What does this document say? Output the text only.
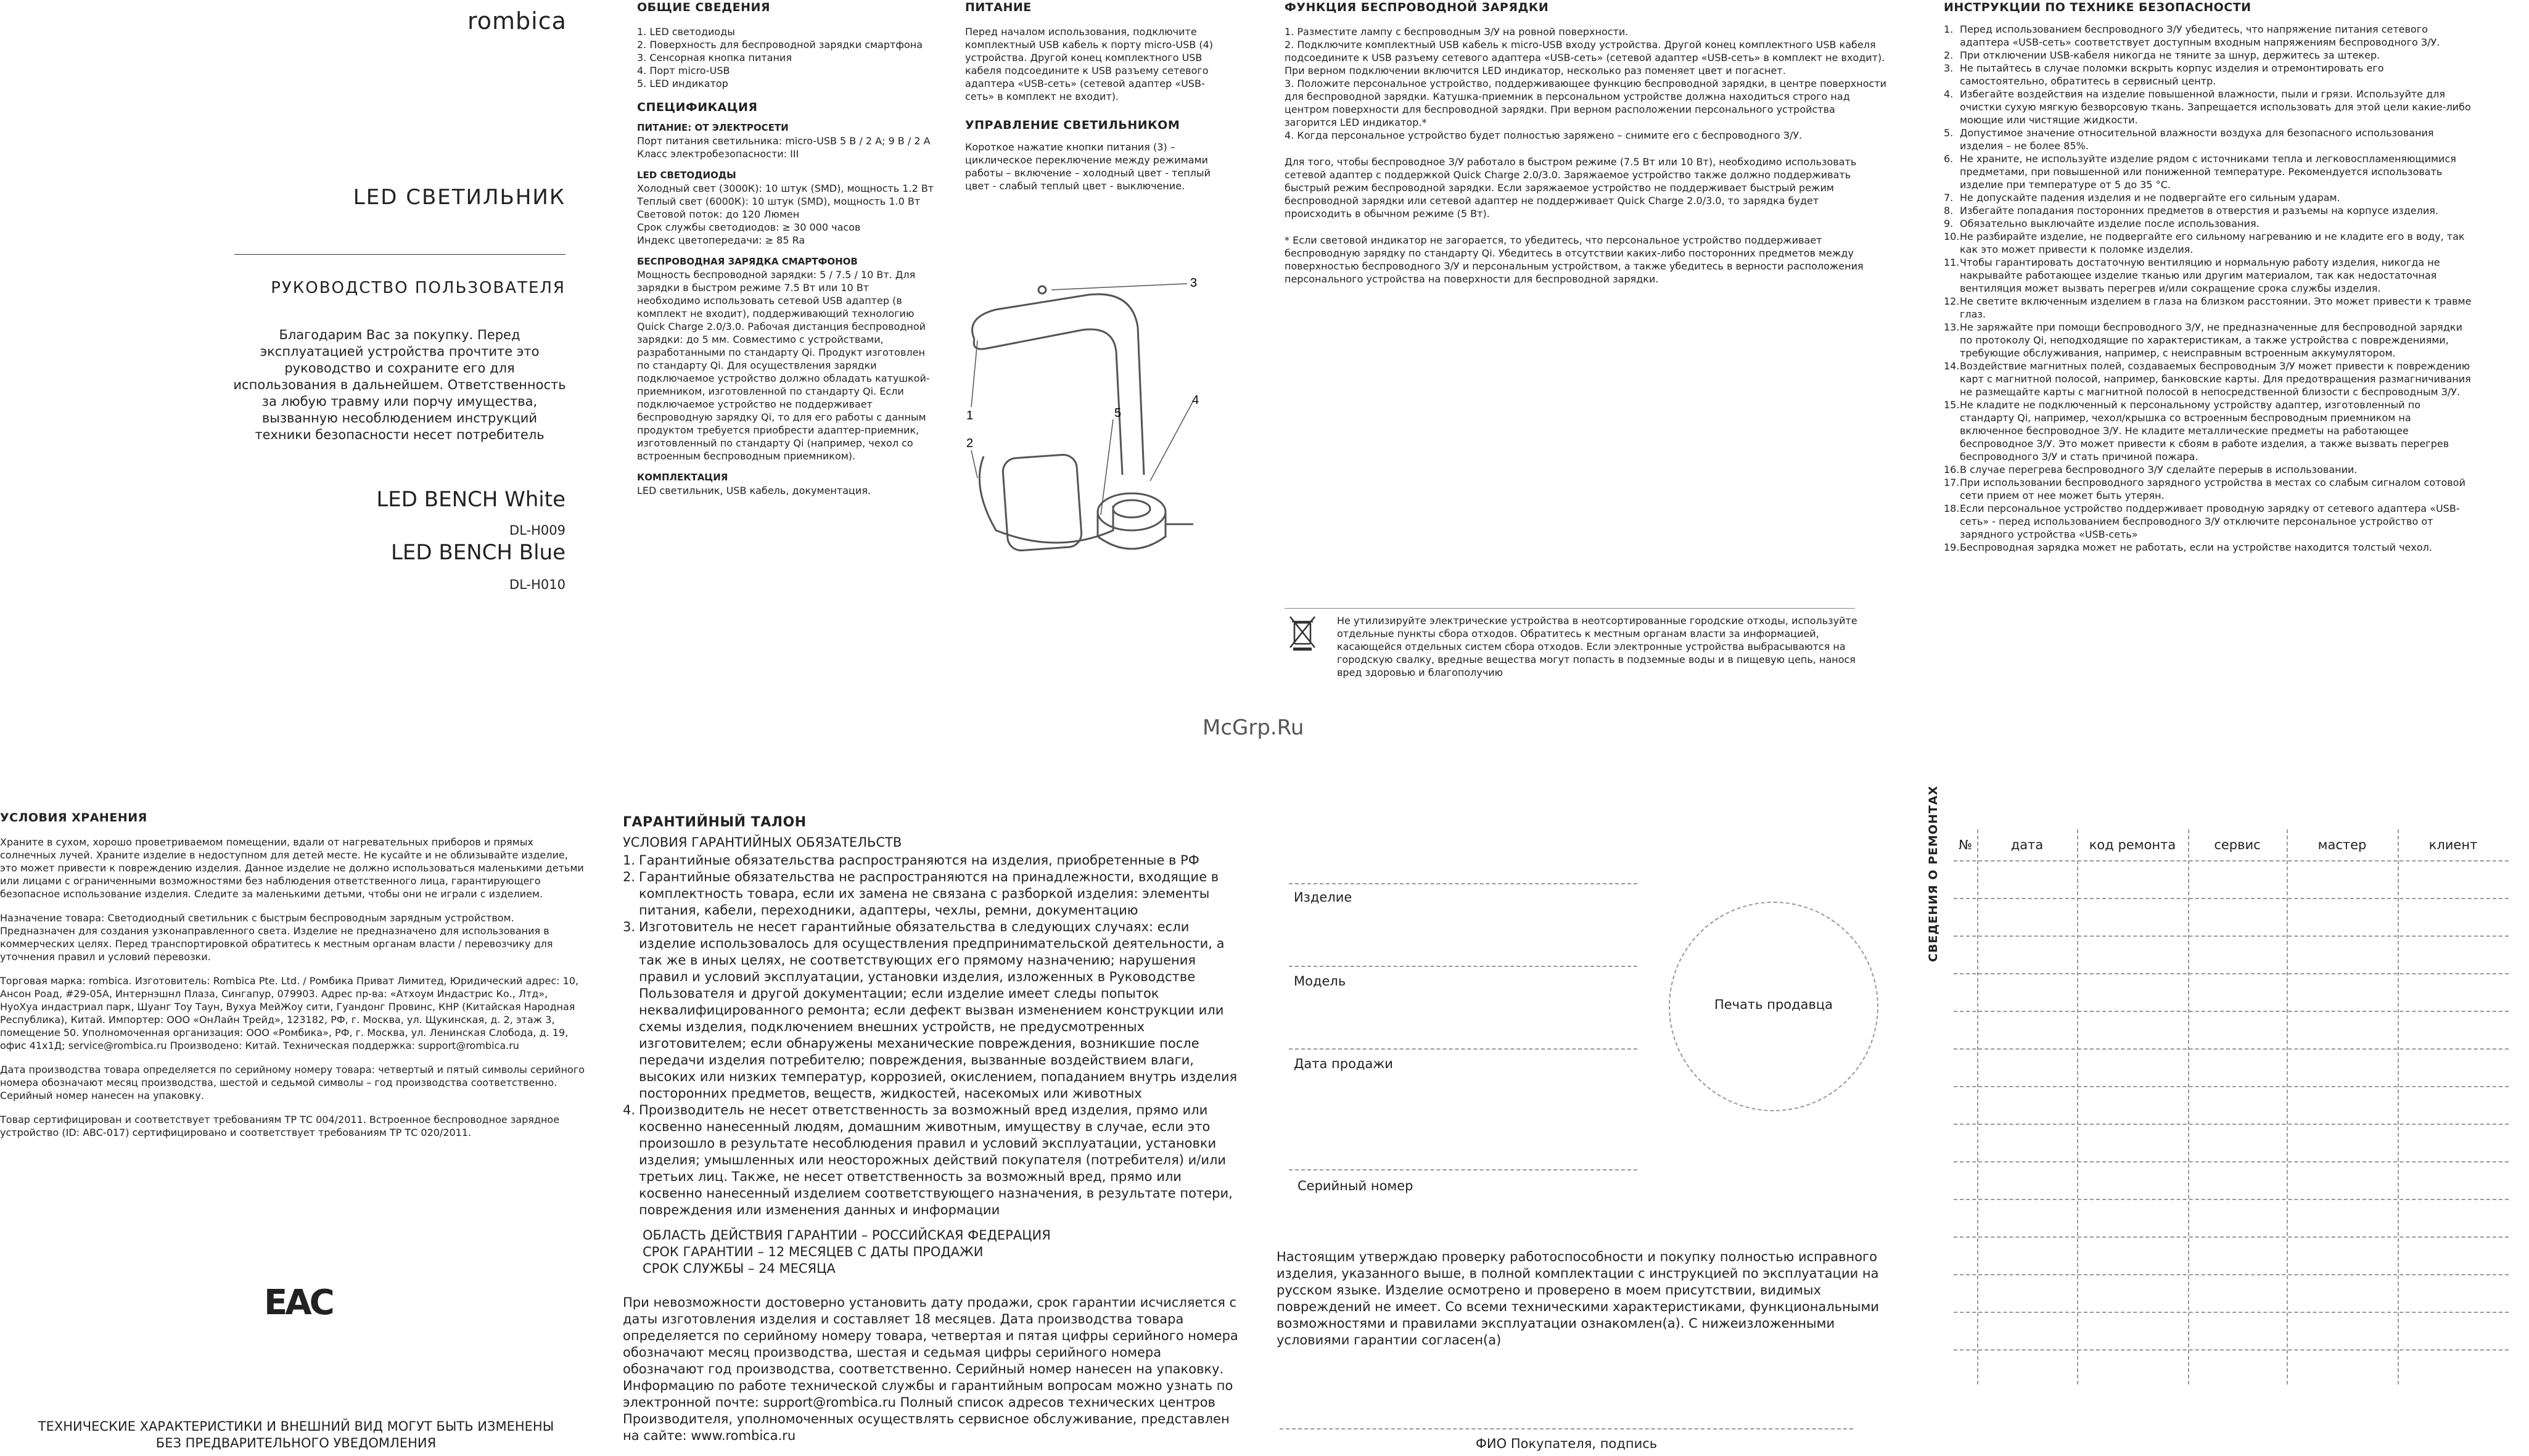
rombica
LED СВЕТИЛЬНИК
РУКОВОДСТВО ПОЛЬЗОВАТЕЛЯ
Благодарим Вас за покупку. Перед эксплуатацией устройства прочтите это руководство и сохраните его для использования в дальнейшем. Ответственность за любую травму или порчу имущества, вызванную несоблюдением инструкций техники безопасности несет потребитель
LED BENCH White
DL-H009
LED BENCH Blue
DL-H010

ОБЩИЕ СВЕДЕНИЯ

1. LED светодиоды

2. Поверхность для беспроводной зарядки смартфона

3. Сенсорная кнопка питания

4. Порт micro-USB

5. LED индикатор

СПЕЦИФИКАЦИЯ

ПИТАНИЕ: ОТ ЭЛЕКТРОСЕТИ

Порт питания светильника: micro-USB 5 В / 2 А; 9 В / 2 А

Класс электробезопасности: III

LED СВЕТОДИОДЫ

Холодный свет (3000К): 10 штук (SMD), мощность 1.2 Вт

Теплый свет (6000К): 10 штук (SMD), мощность 1.0 Вт

Световой поток: до 120 Люмен

Срок службы светодиодов: ≥ 30 000 часов

Индекс цветопередачи: ≥ 85 Ra

БЕСПРОВОДНАЯ ЗАРЯДКА СМАРТФОНОВ

Мощность беспроводной зарядки: 5 / 7.5 / 10 Вт. Для зарядки в быстром режиме 7.5 Вт или 10 Вт необходимо использовать сетевой USB адаптер (в комплект не входит), поддерживающий технологию Quick Charge 2.0/3.0. Рабочая дистанция беспроводной зарядки: до 5 мм. Совместимо с устройствами, разработанными по стандарту Qi. Продукт изготовлен по стандарту Qi. Для осуществления зарядки подключаемое устройство должно обладать катушкой-приемником, изготовленной по стандарту Qi. Если подключаемое устройство не поддерживает беспроводную зарядку Qi, то для его работы с данным продуктом требуется приобрести адаптер-приемник, изготовленный по стандарту Qi (например, чехол со встроенным беспроводным приемником).

КОМПЛЕКТАЦИЯ

LED светильник, USB кабель, документация.

ПИТАНИЕ

Перед началом использования, подключите комплектный USB кабель к порту micro-USB (4) устройства. Другой конец комплектного USB кабеля подсоедините к USB разъему сетевого адаптера «USB-сеть» (сетевой адаптер «USB-сеть» в комплект не входит).

УПРАВЛЕНИЕ СВЕТИЛЬНИКОМ

Короткое нажатие кнопки питания (3) – циклическое переключение между режимами работы – включение – холодный цвет - теплый цвет - слабый теплый цвет - выключение.

3
1
2
4
5

ФУНКЦИЯ БЕСПРОВОДНОЙ ЗАРЯДКИ

1. Разместите лампу с беспроводным З/У на ровной поверхности.

2. Подключите комплектный USB кабель к micro-USB входу устройства. Другой конец комплектного USB кабеля подсоедините к USB разъему сетевого адаптера «USB-сеть» (сетевой адаптер «USB-сеть» в комплект не входит). При верном подключении включится LED индикатор, несколько раз поменяет цвет и погаснет.

3. Положите персональное устройство, поддерживающее функцию беспроводной зарядки, в центре поверхности для беспроводной зарядки. Катушка-приемник в персональном устройстве должна находиться строго над центром поверхности для беспроводной зарядки. При верном расположении персонального устройства загорится LED индикатор.*

4. Когда персональное устройство будет полностью заряжено – снимите его с беспроводного З/У.

Для того, чтобы беспроводное З/У работало в быстром режиме (7.5 Вт или 10 Вт), необходимо использовать сетевой адаптер с поддержкой Quick Charge 2.0/3.0. Заряжаемое устройство также должно поддерживать быстрый режим беспроводной зарядки. Если заряжаемое устройство не поддерживает быстрый режим беспроводной зарядки или сетевой адаптер не поддерживает Quick Charge 2.0/3.0, то зарядка будет происходить в обычном режиме (5 Вт).

* Если световой индикатор не загорается, то убедитесь, что персональное устройство поддерживает беспроводную зарядку по стандарту Qi. Убедитесь в отсутствии каких-либо посторонних предметов между поверхностью беспроводного З/У и персональным устройством, а также убедитесь в верности расположения персонального устройства на поверхности для беспроводной зарядки.

Не утилизируйте электрические устройства в неотсортированные городские отходы, используйте отдельные пункты сбора отходов. Обратитесь к местным органам власти за информацией, касающейся отдельных систем сбора отходов. Если электронные устройства выбрасываются на городскую свалку, вредные вещества могут попасть в подземные воды и в пищевую цепь, нанося вред здоровью и благополучию

ИНСТРУКЦИИ ПО ТЕХНИКЕ БЕЗОПАСНОСТИ

1. Перед использованием беспроводного З/У убедитесь, что напряжение питания сетевого адаптера «USB-сеть» соответствует доступным входным напряжениям беспроводного З/У.
2. При отключении USB-кабеля никогда не тяните за шнур, держитесь за штекер.
3. Не пытайтесь в случае поломки вскрыть корпус изделия и отремонтировать его самостоятельно, обратитесь в сервисный центр.
4. Избегайте воздействия на изделие повышенной влажности, пыли и грязи. Используйте для очистки сухую мягкую безворсовую ткань. Запрещается использовать для этой цели какие-либо моющие или чистящие жидкости.
5. Допустимое значение относительной влажности воздуха для безопасного использования изделия – не более 85%.
6. Не храните, не используйте изделие рядом с источниками тепла и легковоспламеняющимися предметами, при повышенной или пониженной температуре. Рекомендуется использовать изделие при температуре от 5 до 35 °С.
7. Не допускайте падения изделия и не подвергайте его сильным ударам.
8. Избегайте попадания посторонних предметов в отверстия и разъемы на корпусе изделия.
9. Обязательно выключайте изделие после использования.
10. Не разбирайте изделие, не подвергайте его сильному нагреванию и не кладите его в воду, так как это может привести к поломке изделия.
11. Чтобы гарантировать достаточную вентиляцию и нормальную работу изделия, никогда не накрывайте работающее изделие тканью или другим материалом, так как недостаточная вентиляция может вызвать перегрев и/или сокращение срока службы изделия.
12. Не светите включенным изделием в глаза на близком расстоянии. Это может привести к травме глаз.
13. Не заряжайте при помощи беспроводного З/У, не предназначенные для беспроводной зарядки по протоколу Qi, неподходящие по характеристикам, а также устройства с повреждениями, требующие обслуживания, например, с неисправным встроенным аккумулятором.
14. Воздействие магнитных полей, создаваемых беспроводным З/У может привести к повреждению карт с магнитной полосой, например, банковские карты. Для предотвращения размагничивания не размещайте карты с магнитной полосой в непосредственной близости с беспроводным З/У.
15. Не кладите не подключенный к персональному устройству адаптер, изготовленный по стандарту Qi, например, чехол/крышка со встроенным беспроводным приемником на включенное беспроводное З/У. Не кладите металлические предметы на работающее беспроводное З/У. Это может привести к сбоям в работе изделия, а также вызвать перегрев беспроводного З/У и стать причиной пожара.
16. В случае перегрева беспроводного З/У сделайте перерыв в использовании.
17. При использовании беспроводного зарядного устройства в местах со слабым сигналом сотовой сети прием от нее может быть утерян.
18. Если персональное устройство поддерживает проводную зарядку от сетевого адаптера «USB-сеть» - перед использованием беспроводного З/У отключите персональное устройство от зарядного устройства «USB-сеть»
19. Беспроводная зарядка может не работать, если на устройстве находится толстый чехол.
McGrp.Ru

УСЛОВИЯ ХРАНЕНИЯ

Храните в сухом, хорошо проветриваемом помещении, вдали от нагревательных приборов и прямых солнечных лучей. Храните изделие в недоступном для детей месте. Не кусайте и не облизывайте изделие, это может привести к повреждению изделия. Данное изделие не должно использоваться маленькими детьми или лицами с ограниченными возможностями без наблюдения ответственного лица, гарантирующего безопасное использование изделия. Следите за маленькими детьми, чтобы они не играли с изделием.

Назначение товара: Светодиодный светильник с быстрым беспроводным зарядным устройством. Предназначен для создания узконаправленного света. Изделие не предназначено для использования в коммерческих целях. Перед транспортировкой обратитесь к местным органам власти / перевозчику для уточнения правил и условий перевозки.

Торговая марка: rombica. Изготовитель: Rombica Pte. Ltd. / Ромбика Приват Лимитед, Юридический адрес: 10, Ансон Роад, #29-05A, Интернэшнл Плаза, Сингапур, 079903. Адрес пр-ва: «Атхоум Индастрис Ко., Лтд», НуоХуа индастриал парк, Шуанг Тоу Таун, Вухуа МейЖоу сити, Гуандонг Провинс, КНР (Китайская Народная Республика), Китай. Импортер: ООО «ОнЛайн Трейд», 123182, РФ, г. Москва, ул. Щукинская, д. 2, этаж 3, помещение 50. Уполномоченная организация: ООО «Ромбика», РФ, г. Москва, ул. Ленинская Слобода, д. 19, офис 41х1Д; service@rombica.ru Производено: Китай. Техническая поддержка: support@rombica.ru

Дата производства товара определяется по серийному номеру товара: четвертый и пятый символы серийного номера обозначают месяц производства, шестой и седьмой символы – год производства соответственно. Серийный номер нанесен на упаковку.

Товар сертифицирован и соответствует требованиям ТР ТС 004/2011. Встроенное беспроводное зарядное устройство (ID: ABC-017) сертифицировано и соответствует требованиям ТР ТС 020/2011.

EAC

ТЕХНИЧЕСКИЕ ХАРАКТЕРИСТИКИ И ВНЕШНИЙ ВИД МОГУТ БЫТЬ ИЗМЕНЕНЫ

БЕЗ ПРЕДВАРИТЕЛЬНОГО УВЕДОМЛЕНИЯ

ГАРАНТИЙНЫЙ ТАЛОН

УСЛОВИЯ ГАРАНТИЙНЫХ ОБЯЗАТЕЛЬСТВ

1. Гарантийные обязательства распространяются на изделия, приобретенные в РФ
2. Гарантийные обязательства не распространяются на принадлежности, входящие в комплектность товара, если их замена не связана с разборкой изделия: элементы питания, кабели, переходники, адаптеры, чехлы, ремни, документацию
3. Изготовитель не несет гарантийные обязательства в следующих случаях: если изделие использовалось для осуществления предпринимательской деятельности, а так же в иных целях, не соответствующих его прямому назначению; нарушения правил и условий эксплуатации, установки изделия, изложенных в Руководстве Пользователя и другой документации; если изделие имеет следы попыток неквалифицированного ремонта; если дефект вызван изменением конструкции или схемы изделия, подключением внешних устройств, не предусмотренных изготовителем; если обнаружены механические повреждения, возникшие после передачи изделия потребителю; повреждения, вызванные воздействием влаги, высоких или низких температур, коррозией, окислением, попаданием внутрь изделия посторонних предметов, веществ, жидкостей, насекомых или животных
4. Производитель не несет ответственность за возможный вред изделия, прямо или косвенно нанесенный людям, домашним животным, имуществу в случае, если это произошло в результате несоблюдения правил и условий эксплуатации, установки изделия; умышленных или неосторожных действий покупателя (потребителя) и/или третьих лиц. Также, не несет ответственность за возможный вред, прямо или косвенно нанесенный изделием соответствующего назначения, в результате потери, повреждения или изменения данных и информации

ОБЛАСТЬ ДЕЙСТВИЯ ГАРАНТИИ – РОССИЙСКАЯ ФЕДЕРАЦИЯ

СРОК ГАРАНТИИ – 12 МЕСЯЦЕВ С ДАТЫ ПРОДАЖИ

СРОК СЛУЖБЫ – 24 МЕСЯЦА

При невозможности достоверно установить дату продажи, срок гарантии исчисляется с даты изготовления изделия и составляет 18 месяцев. Дата производства товара определяется по серийному номеру товара, четвертая и пятая цифры серийного номера обозначают месяц производства, шестая и седьмая цифры серийного номера обозначают год производства, соответственно. Серийный номер нанесен на упаковку. Информацию по работе технической службы и гарантийным вопросам можно узнать по электронной почте: support@rombica.ru Полный список адресов технических центров Производителя, уполномоченных осуществлять сервисное обслуживание, представлен на сайте: www.rombica.ru

Изделие
Модель
Дата продажи
Серийный номер
Печать продавца
Настоящим утверждаю проверку работоспособности и покупку полностью исправного изделия, указанного выше, в полной комплектации с инструкцией по эксплуатации на русском языке. Изделие осмотрено и проверено в моем присутствии, видимых повреждений не имеет. Со всеми техническими характеристиками, функциональными возможностями и правилами эксплуатации ознакомлен(а). С нижеизложенными условиями гарантии согласен(а)
ФИО Покупателя, подпись
СВЕДЕНИЯ О РЕМОНТАХ	№	дата	код ремонта	сервис	мастер	клиент
